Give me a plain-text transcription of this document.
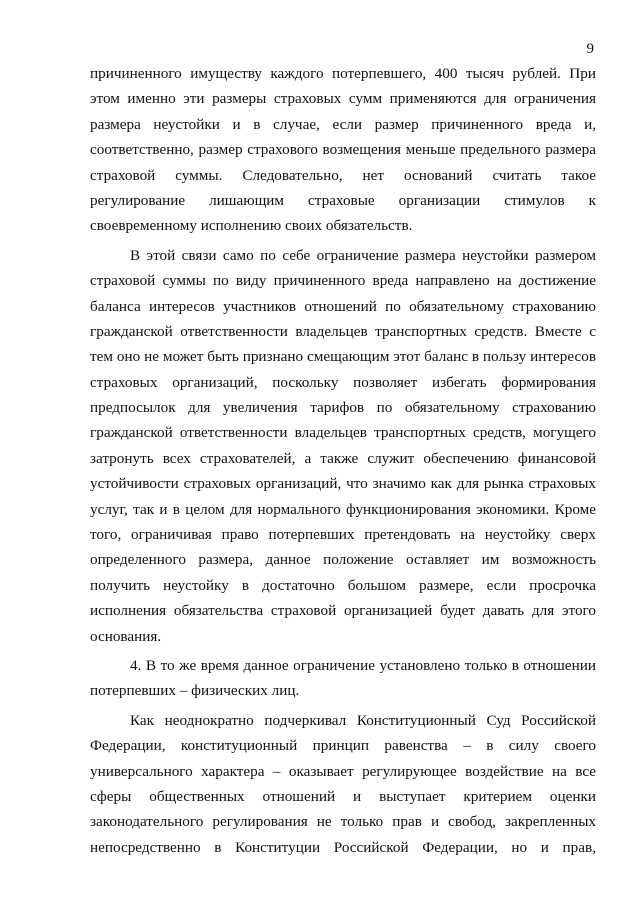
9
причиненного имуществу каждого потерпевшего, 400 тысяч рублей. При
этом именно эти размеры страховых сумм применяются для ограничения
размера неустойки и в случае, если размер причиненного вреда и,
соответственно, размер страхового возмещения меньше предельного размера
страховой суммы. Следовательно, нет оснований считать такое
регулирование лишающим страховые организации стимулов к
своевременному исполнению своих обязательств.
В этой связи само по себе ограничение размера неустойки размером
страховой суммы по виду причиненного вреда направлено на достижение
баланса интересов участников отношений по обязательному страхованию
гражданской ответственности владельцев транспортных средств. Вместе с
тем оно не может быть признано смещающим этот баланс в пользу интересов
страховых организаций, поскольку позволяет избегать формирования
предпосылок для увеличения тарифов по обязательному страхованию
гражданской ответственности владельцев транспортных средств, могущего
затронуть всех страхователей, а также служит обеспечению финансовой
устойчивости страховых организаций, что значимо как для рынка страховых
услуг, так и в целом для нормального функционирования экономики. Кроме
того, ограничивая право потерпевших претендовать на неустойку сверх
определенного размера, данное положение оставляет им возможность
получить неустойку в достаточно большом размере, если просрочка
исполнения обязательства страховой организацией будет давать для этого
основания.
4. В то же время данное ограничение установлено только в отношении
потерпевших – физических лиц.
Как неоднократно подчеркивал Конституционный Суд Российской
Федерации, конституционный принцип равенства – в силу своего
универсального характера – оказывает регулирующее воздействие на все
сферы общественных отношений и выступает критерием оценки
законодательного регулирования не только прав и свобод, закрепленных
непосредственно в Конституции Российской Федерации, но и прав,
